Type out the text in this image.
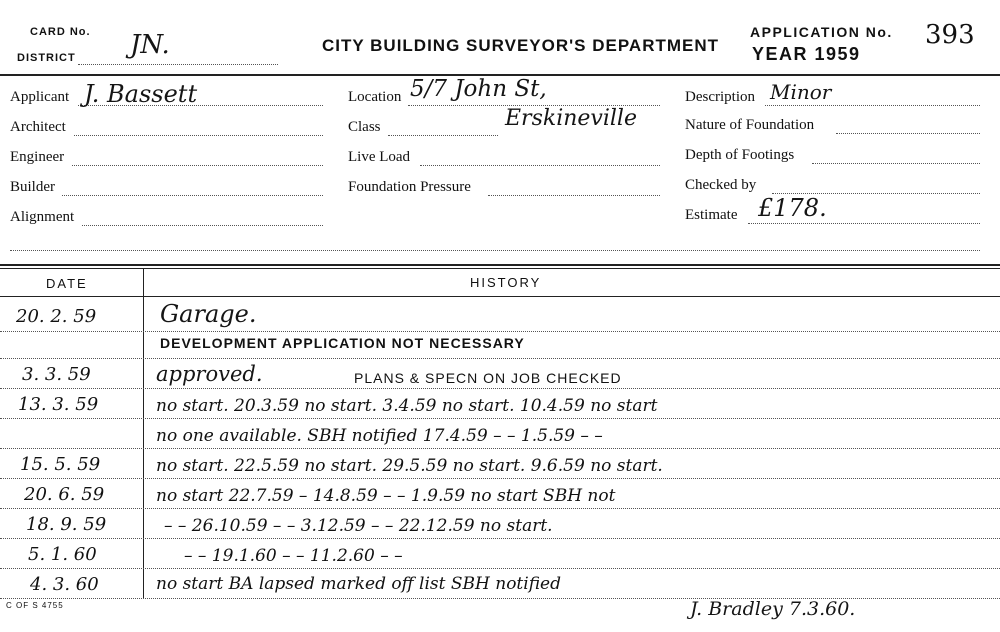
CARD No.
DISTRICT JN.	CITY BUILDING SURVEYOR'S DEPARTMENT
APPLICATION No.
YEAR 1959
393
Applicant J. Bassett
Architect
Engineer
Builder
Alignment
Location 5/7 John St,
Erskineville
Class
Live Load
Foundation Pressure
Description Minor
Nature of Foundation
Depth of Footings
Checked by
Estimate £178.
DATE	HISTORY
20. 2. 59	Garage.
DEVELOPMENT APPLICATION NOT NECESSARY
3. 3. 59	approved.	PLANS & SPECN ON JOB CHECKED
13. 3. 59	no start. 20.3.59 no start. 3.4.59 no start. 10.4.59 no start
no one available. SBH notified 17.4.59 – – 1.5.59 – –
15. 5. 59	no start. 22.5.59 no start. 29.5.59 no start. 9.6.59 no start.
20. 6. 59	no start 22.7.59 – 14.8.59 – – 1.9.59 no start SBH not
18. 9. 59	– – 26.10.59 – – 3.12.59 – – 22.12.59 no start.
5. 1. 60	– – 19.1.60 – – 11.2.60 – –
4. 3. 60	no start BA lapsed marked off list SBH notified
J. Bradley 7.3.60.
C OF S 4755
